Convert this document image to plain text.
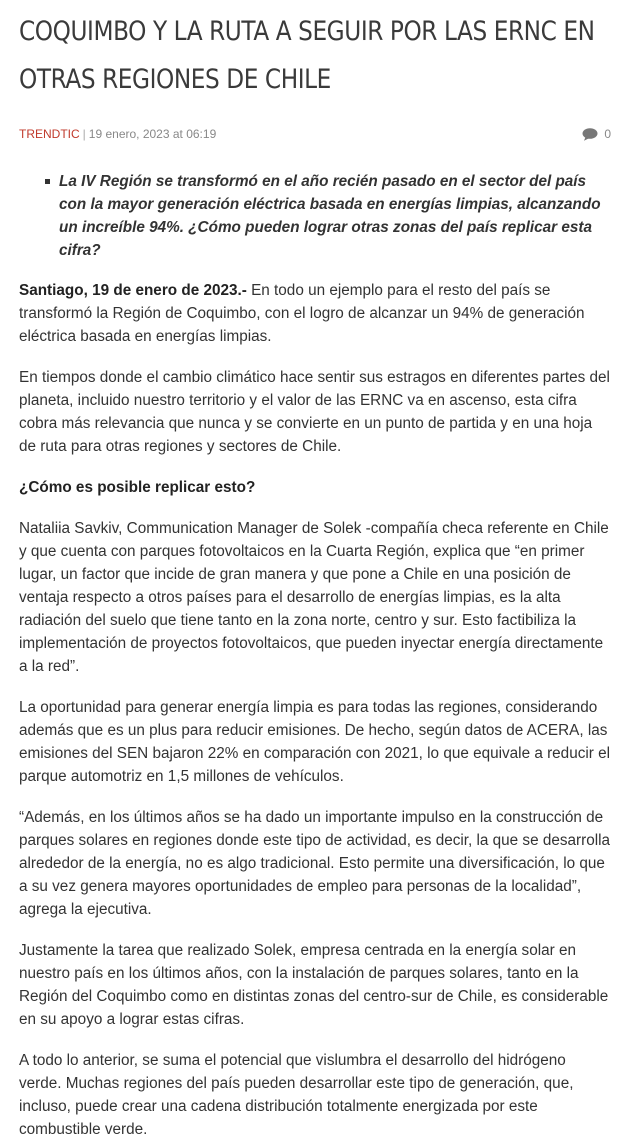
COQUIMBO Y LA RUTA A SEGUIR POR LAS ERNC EN OTRAS REGIONES DE CHILE
TRENDTIC | 19 enero, 2023 at 06:19	0
La IV Región se transformó en el año recién pasado en el sector del país con la mayor generación eléctrica basada en energías limpias, alcanzando un increíble 94%. ¿Cómo pueden lograr otras zonas del país replicar esta cifra?

Santiago, 19 de enero de 2023.- En todo un ejemplo para el resto del país se transformó la Región de Coquimbo, con el logro de alcanzar un 94% de generación eléctrica basada en energías limpias.

En tiempos donde el cambio climático hace sentir sus estragos en diferentes partes del planeta, incluido nuestro territorio y el valor de las ERNC va en ascenso, esta cifra cobra más relevancia que nunca y se convierte en un punto de partida y en una hoja de ruta para otras regiones y sectores de Chile.

¿Cómo es posible replicar esto?

Nataliia Savkiv, Communication Manager de Solek -compañía checa referente en Chile y que cuenta con parques fotovoltaicos en la Cuarta Región, explica que “en primer lugar, un factor que incide de gran manera y que pone a Chile en una posición de ventaja respecto a otros países para el desarrollo de energías limpias, es la alta radiación del suelo que tiene tanto en la zona norte, centro y sur. Esto factibiliza la implementación de proyectos fotovoltaicos, que pueden inyectar energía directamente a la red”.

La oportunidad para generar energía limpia es para todas las regiones, considerando además que es un plus para reducir emisiones. De hecho, según datos de ACERA, las emisiones del SEN bajaron 22% en comparación con 2021, lo que equivale a reducir el parque automotriz en 1,5 millones de vehículos.

“Además, en los últimos años se ha dado un importante impulso en la construcción de parques solares en regiones donde este tipo de actividad, es decir, la que se desarrolla alrededor de la energía, no es algo tradicional. Esto permite una diversificación, lo que a su vez genera mayores oportunidades de empleo para personas de la localidad”, agrega la ejecutiva.

Justamente la tarea que realizado Solek, empresa centrada en la energía solar en nuestro país en los últimos años, con la instalación de parques solares, tanto en la Región del Coquimbo como en distintas zonas del centro-sur de Chile, es considerable en su apoyo a lograr estas cifras.

A todo lo anterior, se suma el potencial que vislumbra el desarrollo del hidrógeno verde. Muchas regiones del país pueden desarrollar este tipo de generación, que, incluso, puede crear una cadena distribución totalmente energizada por este combustible verde.
